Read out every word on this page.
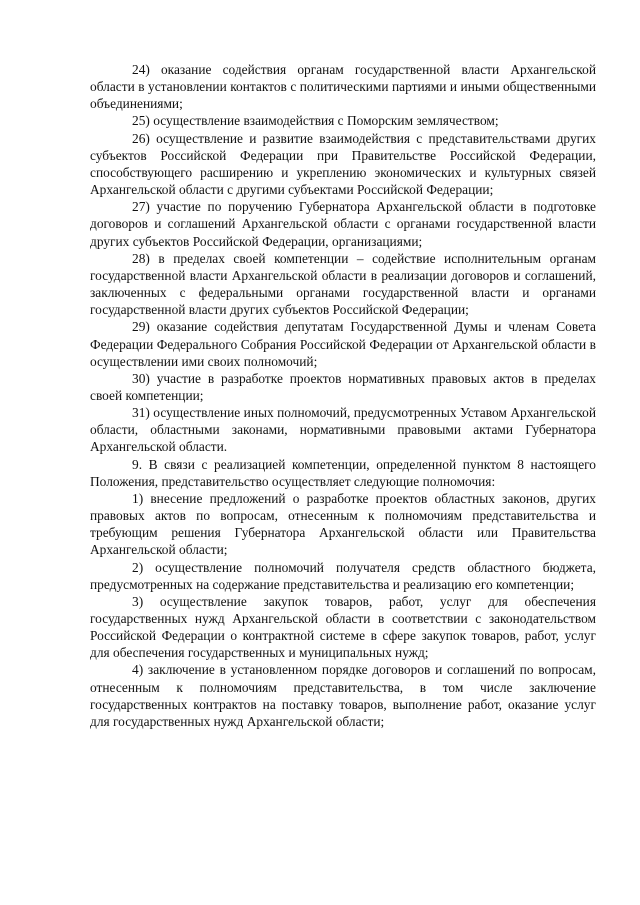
24) оказание содействия органам государственной власти Архангельской области в установлении контактов с политическими партиями и иными общественными объединениями;

25) осуществление взаимодействия с Поморским землячеством;

26) осуществление и развитие взаимодействия с представительствами других субъектов Российской Федерации при Правительстве Российской Федерации, способствующего расширению и укреплению экономических и культурных связей Архангельской области с другими субъектами Российской Федерации;

27) участие по поручению Губернатора Архангельской области в подготовке договоров и соглашений Архангельской области с органами государственной власти других субъектов Российской Федерации, организациями;

28) в пределах своей компетенции – содействие исполнительным органам государственной власти Архангельской области в реализации договоров и соглашений, заключенных с федеральными органами государственной власти и органами государственной власти других субъектов Российской Федерации;

29) оказание содействия депутатам Государственной Думы и членам Совета Федерации Федерального Собрания Российской Федерации от Архангельской области в осуществлении ими своих полномочий;

30) участие в разработке проектов нормативных правовых актов в пределах своей компетенции;

31) осуществление иных полномочий, предусмотренных Уставом Архангельской области, областными законами, нормативными правовыми актами Губернатора Архангельской области.

9. В связи с реализацией компетенции, определенной пунктом 8 настоящего Положения, представительство осуществляет следующие полномочия:

1) внесение предложений о разработке проектов областных законов, других правовых актов по вопросам, отнесенным к полномочиям представительства и требующим решения Губернатора Архангельской области или Правительства Архангельской области;

2) осуществление полномочий получателя средств областного бюджета, предусмотренных на содержание представительства и реализацию его компетенции;

3) осуществление закупок товаров, работ, услуг для обеспечения государственных нужд Архангельской области в соответствии с законодательством Российской Федерации о контрактной системе в сфере закупок товаров, работ, услуг для обеспечения государственных и муниципальных нужд;

4) заключение в установленном порядке договоров и соглашений по вопросам, отнесенным к полномочиям представительства, в том числе заключение государственных контрактов на поставку товаров, выполнение работ, оказание услуг для государственных нужд Архангельской области;
